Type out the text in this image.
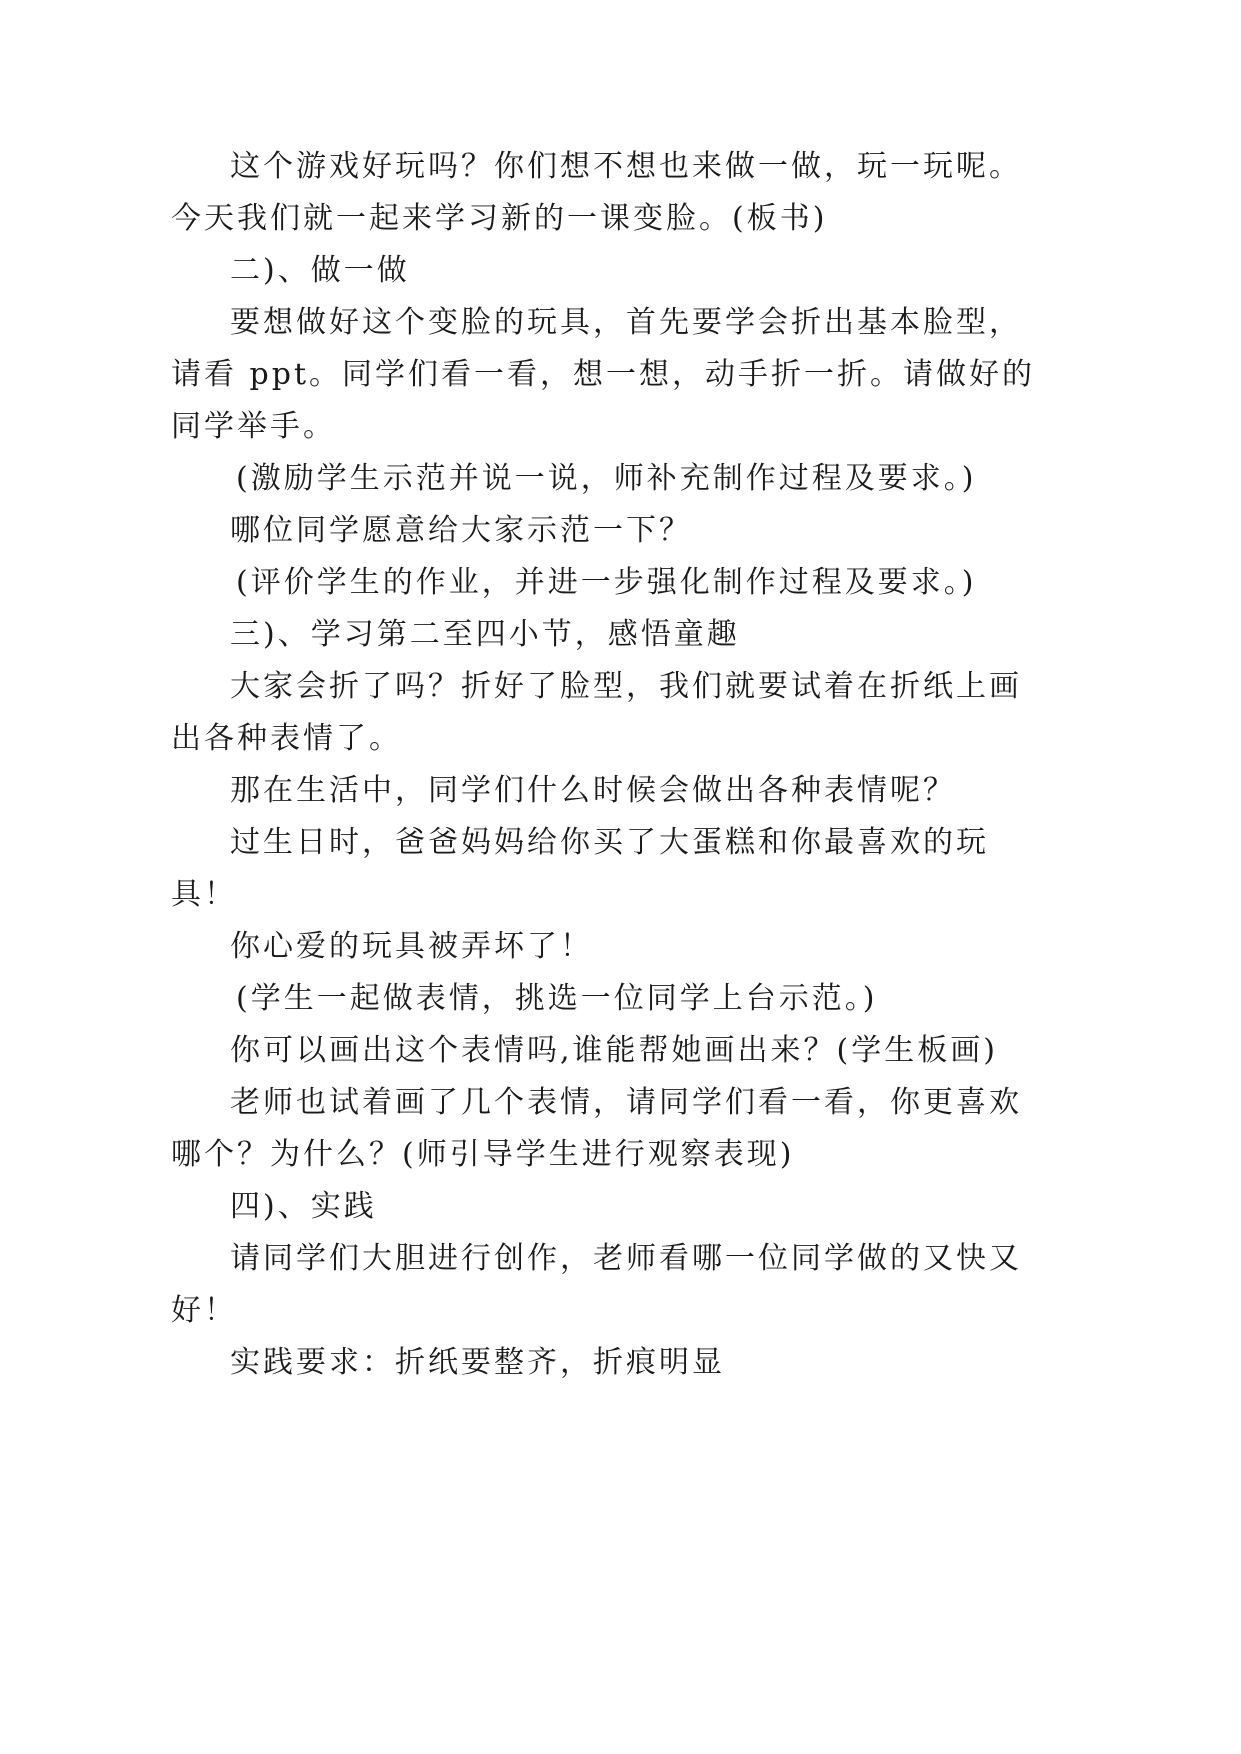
这个游戏好玩吗？你们想不想也来做一做，玩一玩呢。

今天我们就一起来学习新的一课变脸。(板书)

二)、做一做

要想做好这个变脸的玩具，首先要学会折出基本脸型，

请看 ppt。同学们看一看，想一想，动手折一折。请做好的

同学举手。

(激励学生示范并说一说，师补充制作过程及要求。)

哪位同学愿意给大家示范一下？

(评价学生的作业，并进一步强化制作过程及要求。)

三)、学习第二至四小节，感悟童趣

大家会折了吗？折好了脸型，我们就要试着在折纸上画

出各种表情了。

那在生活中，同学们什么时候会做出各种表情呢？

过生日时，爸爸妈妈给你买了大蛋糕和你最喜欢的玩

具！

你心爱的玩具被弄坏了！

(学生一起做表情，挑选一位同学上台示范。)

你可以画出这个表情吗,谁能帮她画出来？(学生板画)

老师也试着画了几个表情，请同学们看一看，你更喜欢

哪个？为什么？(师引导学生进行观察表现)

四)、实践

请同学们大胆进行创作，老师看哪一位同学做的又快又

好！

实践要求：折纸要整齐，折痕明显
